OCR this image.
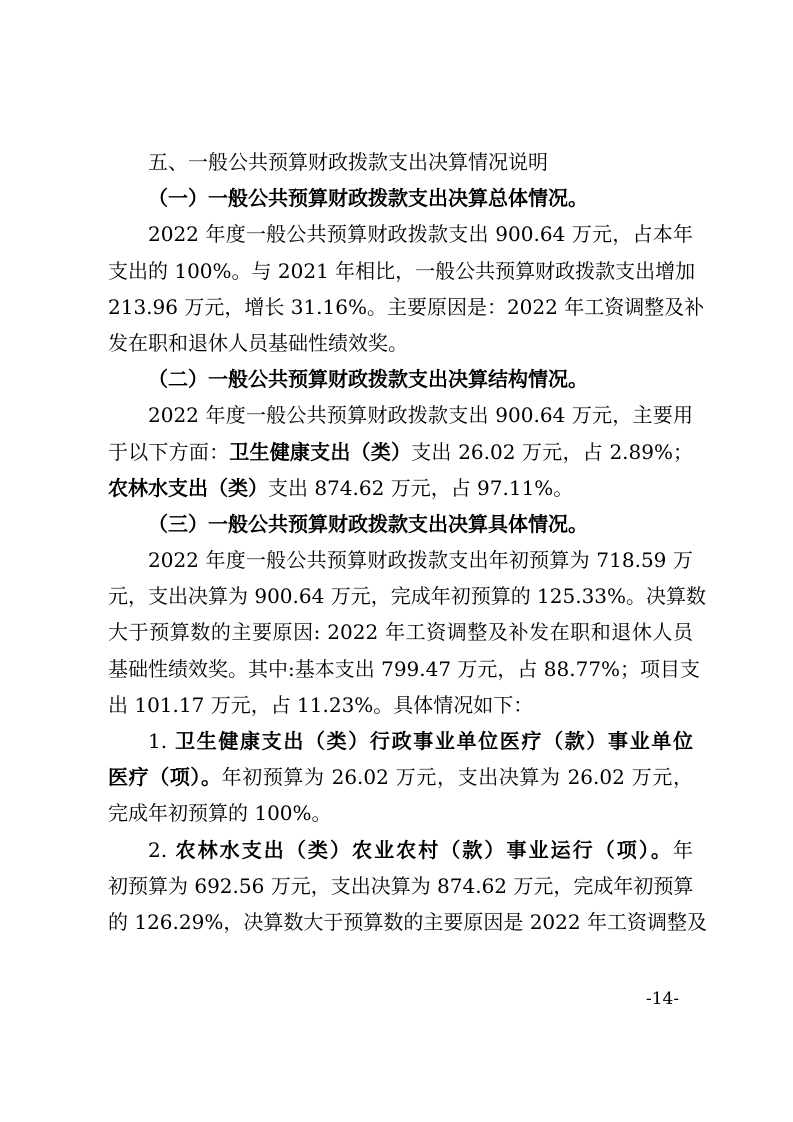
五、一般公共预算财政拨款支出决算情况说明
（一）一般公共预算财政拨款支出决算总体情况。
2022 年度一般公共预算财政拨款支出 900.64 万元，占本年
支出的 100%。与 2021 年相比，一般公共预算财政拨款支出增加
213.96 万元，增长 31.16%。主要原因是：2022 年工资调整及补
发在职和退休人员基础性绩效奖。
（二）一般公共预算财政拨款支出决算结构情况。
2022 年度一般公共预算财政拨款支出 900.64 万元，主要用
于以下方面：卫生健康支出（类）支出 26.02 万元，占 2.89%；
农林水支出（类）支出 874.62 万元，占 97.11%。
（三）一般公共预算财政拨款支出决算具体情况。
2022 年度一般公共预算财政拨款支出年初预算为 718.59 万
元，支出决算为 900.64 万元，完成年初预算的 125.33%。决算数
大于预算数的主要原因: 2022 年工资调整及补发在职和退休人员
基础性绩效奖。其中:基本支出 799.47 万元，占 88.77%；项目支
出 101.17 万元，占 11.23%。具体情况如下：
1. 卫生健康支出（类）行政事业单位医疗（款）事业单位
医疗（项）。年初预算为 26.02 万元，支出决算为 26.02 万元，
完成年初预算的 100%。
2. 农林水支出（类）农业农村（款）事业运行（项）。年
初预算为 692.56 万元，支出决算为 874.62 万元，完成年初预算
的 126.29%，决算数大于预算数的主要原因是 2022 年工资调整及
-14-
